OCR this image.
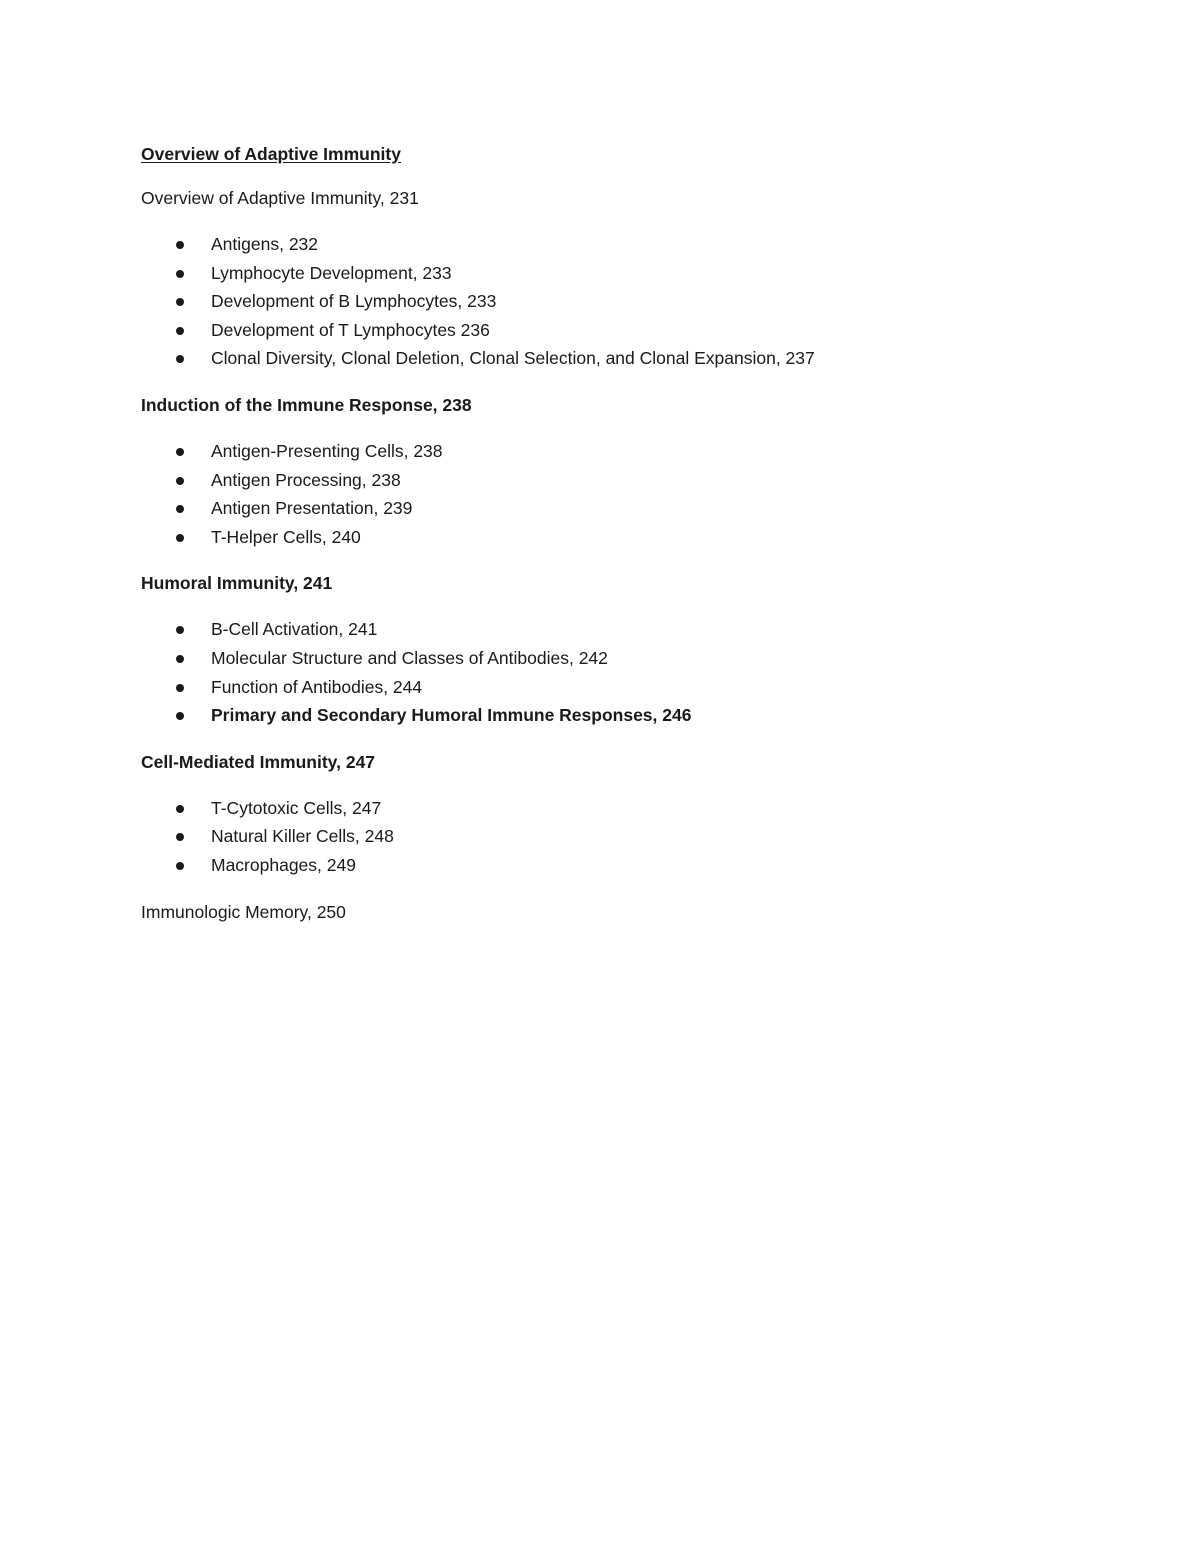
Overview of Adaptive Immunity
Overview of Adaptive Immunity, 231
Antigens, 232
Lymphocyte Development, 233
Development of B Lymphocytes, 233
Development of T Lymphocytes 236
Clonal Diversity, Clonal Deletion, Clonal Selection, and Clonal Expansion, 237
Induction of the Immune Response, 238
Antigen-Presenting Cells, 238
Antigen Processing, 238
Antigen Presentation, 239
T-Helper Cells, 240
Humoral Immunity, 241
B-Cell Activation, 241
Molecular Structure and Classes of Antibodies, 242
Function of Antibodies, 244
Primary and Secondary Humoral Immune Responses, 246
Cell-Mediated Immunity, 247
T-Cytotoxic Cells, 247
Natural Killer Cells, 248
Macrophages, 249
Immunologic Memory, 250
